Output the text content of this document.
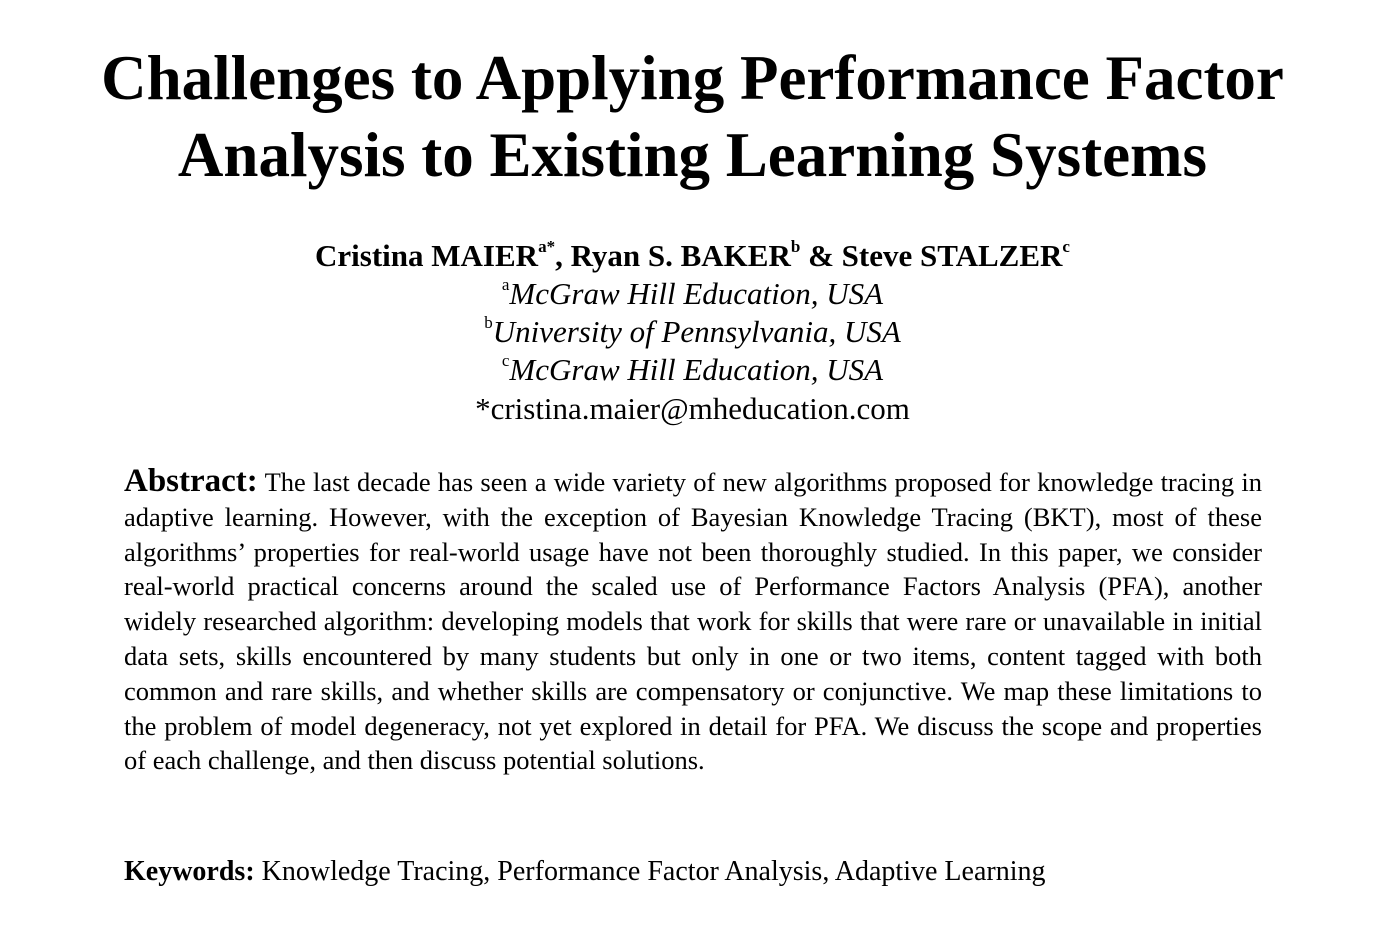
Challenges to Applying Performance Factor Analysis to Existing Learning Systems
Cristina $MAIER^{a*}$, Ryan S. BAKER$^b$ & Steve STALZER$^c$
$^a$McGraw Hill Education, USA
$^b$University of Pennsylvania, USA
$^c$McGraw Hill Education, USA
*cristina.maier@mheducation.com

Abstract: The last decade has seen a wide variety of new algorithms proposed for knowledge tracing in adaptive learning. However, with the exception of Bayesian Knowledge Tracing (BKT), most of these algorithms’ properties for real-world usage have not been thoroughly studied. In this paper, we consider real-world practical concerns around the scaled use of Performance Factors Analysis (PFA), another widely researched algorithm: developing models that work for skills that were rare or unavailable in initial data sets, skills encountered by many students but only in one or two items, content tagged with both common and rare skills, and whether skills are compensatory or conjunctive. We map these limitations to the problem of model degeneracy, not yet explored in detail for PFA. We discuss the scope and properties of each challenge, and then discuss potential solutions.

Keywords: Knowledge Tracing, Performance Factor Analysis, Adaptive Learning
